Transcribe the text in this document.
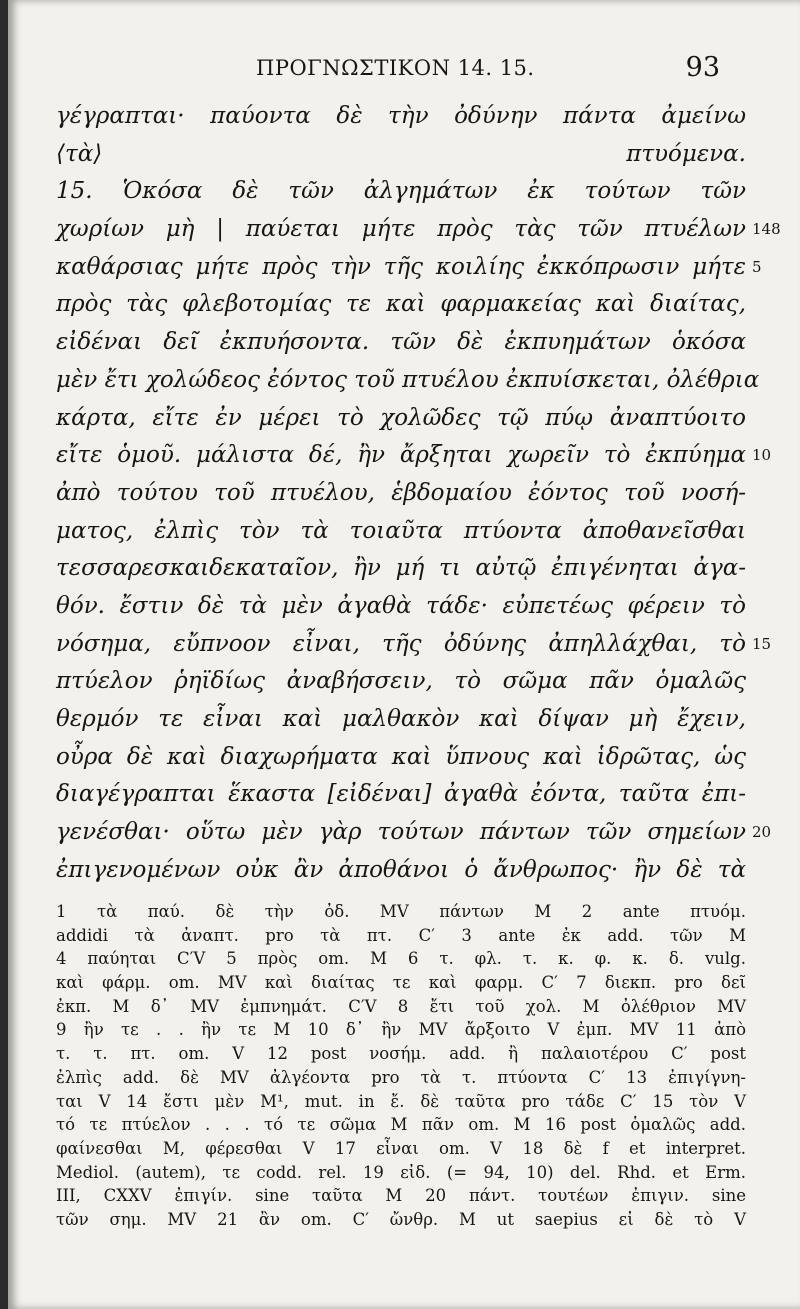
ΠΡΟΓΝΩΣΤΙΚΟΝ 14. 15.	93
γέγραπται· παύοντα δὲ τὴν ὀδύνην πάντα ἀμείνω
⟨τὰ⟩ πτυόμενα.
15. Ὁκόσα δὲ τῶν ἀλγημάτων ἐκ τούτων τῶν
χωρίων μὴ | παύεται μήτε πρὸς τὰς τῶν πτυέλων 148
καθάρσιας μήτε πρὸς τὴν τῆς κοιλίης ἐκκόπρωσιν μήτε 5
πρὸς τὰς φλεβοτομίας τε καὶ φαρμακείας καὶ διαίτας,
εἰδέναι δεῖ ἐκπυήσοντα. τῶν δὲ ἐκπυημάτων ὁκόσα
μὲν ἔτι χολώδεος ἐόντος τοῦ πτυέλου ἐκπυίσκεται, ὀλέθρια
κάρτα, εἴτε ἐν μέρει τὸ χολῶδες τῷ πύῳ ἀναπτύοιτο
εἴτε ὁμοῦ. μάλιστα δέ, ἢν ἄρξηται χωρεῖν τὸ ἐκπύημα 10
ἀπὸ τούτου τοῦ πτυέλου, ἑβδομαίου ἐόντος τοῦ νοσή-
ματος, ἐλπὶς τὸν τὰ τοιαῦτα πτύοντα ἀποθανεῖσθαι
τεσσαρεσκαιδεκαταῖον, ἢν μή τι αὐτῷ ἐπιγένηται ἀγα-
θόν. ἔστιν δὲ τὰ μὲν ἀγαθὰ τάδε· εὐπετέως φέρειν τὸ
νόσημα, εὔπνοον εἶναι, τῆς ὀδύνης ἀπηλλάχθαι, τὸ 15
πτύελον ῥηϊδίως ἀναβήσσειν, τὸ σῶμα πᾶν ὁμαλῶς
θερμόν τε εἶναι καὶ μαλθακὸν καὶ δίψαν μὴ ἔχειν,
οὖρα δὲ καὶ διαχωρήματα καὶ ὕπνους καὶ ἱδρῶτας, ὡς
διαγέγραπται ἕκαστα [εἰδέναι] ἀγαθὰ ἐόντα, ταῦτα ἐπι-
γενέσθαι· οὕτω μὲν γὰρ τούτων πάντων τῶν σημείων 20
ἐπιγενομένων οὐκ ἂν ἀποθάνοι ὁ ἄνθρωπος· ἢν δὲ τὰ
1 τὰ παύ. δὲ τὴν ὀδ. MV πάντων M 2 ante πτυόμ.
addidi τὰ ἀναπτ. pro τὰ πτ. C′ 3 ante ἐκ add. τῶν M
4 παύηται C′V 5 πρὸς om. M 6 τ. φλ. τ. κ. φ. κ. δ. vulg.
καὶ φάρμ. om. MV καὶ διαίτας τε καὶ φαρμ. C′ 7 διεκπ. pro δεῖ
ἐκπ. M δ᾽ MV ἐμπνημάτ. C′V 8 ἔτι τοῦ χολ. M ὀλέθριον MV
9 ἢν τε . . ἢν τε M 10 δ᾽ ἢν MV ἄρξοιτο V ἐμπ. MV 11 ἀπὸ
τ. τ. πτ. om. V 12 post νοσήμ. add. ἢ παλαιοτέρου C′ post
ἐλπὶς add. δὲ MV ἀλγέοντα pro τὰ τ. πτύοντα C′ 13 ἐπιγίγνη-
ται V 14 ἔστι μὲν M¹, mut. in ἔ. δὲ ταῦτα pro τάδε C′ 15 τὸν V
τό τε πτύελον . . . τό τε σῶμα M πᾶν om. M 16 post ὁμαλῶς add.
φαίνεσθαι M, φέρεσθαι V 17 εἶναι om. V 18 δὲ f et interpret.
Mediol. (autem), τε codd. rel. 19 εἰδ. (= 94, 10) del. Rhd. et Erm.
III, CXXV ἐπιγίν. sine ταῦτα M 20 πάντ. τουτέων ἐπιγιν. sine
τῶν σημ. MV 21 ἂν om. C′ ὤνθρ. M ut saepius εἰ δὲ τὸ V
